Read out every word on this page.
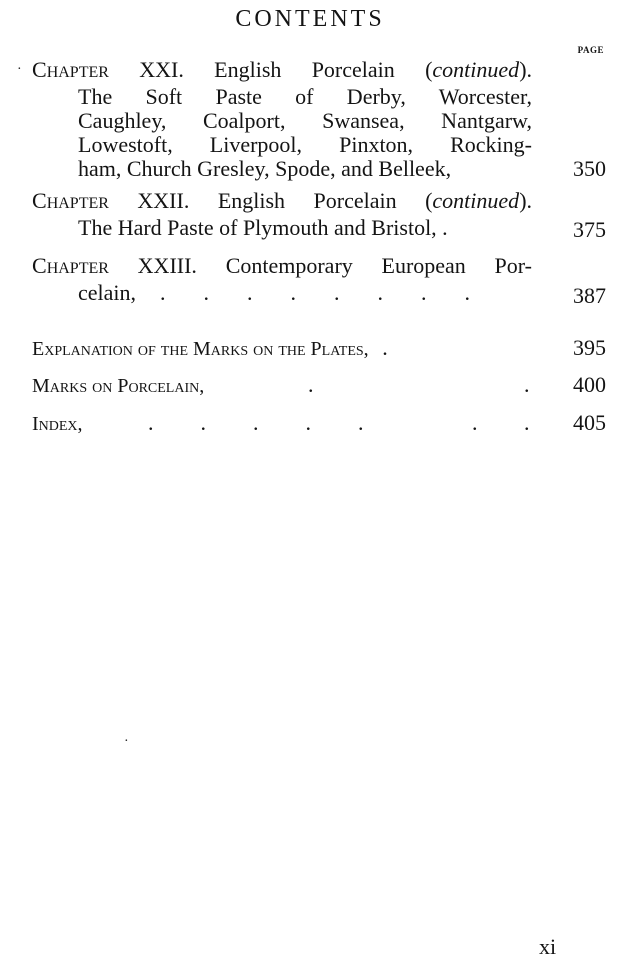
CONTENTS
PAGE
·
·
CHAPTER XXI. English Porcelain (continued).
The Soft Paste of Derby, Worcester,
Caughley, Coalport, Swansea, Nantgarw,
Lowestoft, Liverpool, Pinxton, Rocking-
ham, Church Gresley, Spode, and Belleek,	350
CHAPTER XXII. English Porcelain (continued).
The Hard Paste of Plymouth and Bristol, .	375
CHAPTER XXIII. Contemporary European Por-
celain, ........	387
Explanation of the Marks on the Plates, .	395
Marks on Porcelain,	.	. 400
Index,	.....	. . 405
xi
